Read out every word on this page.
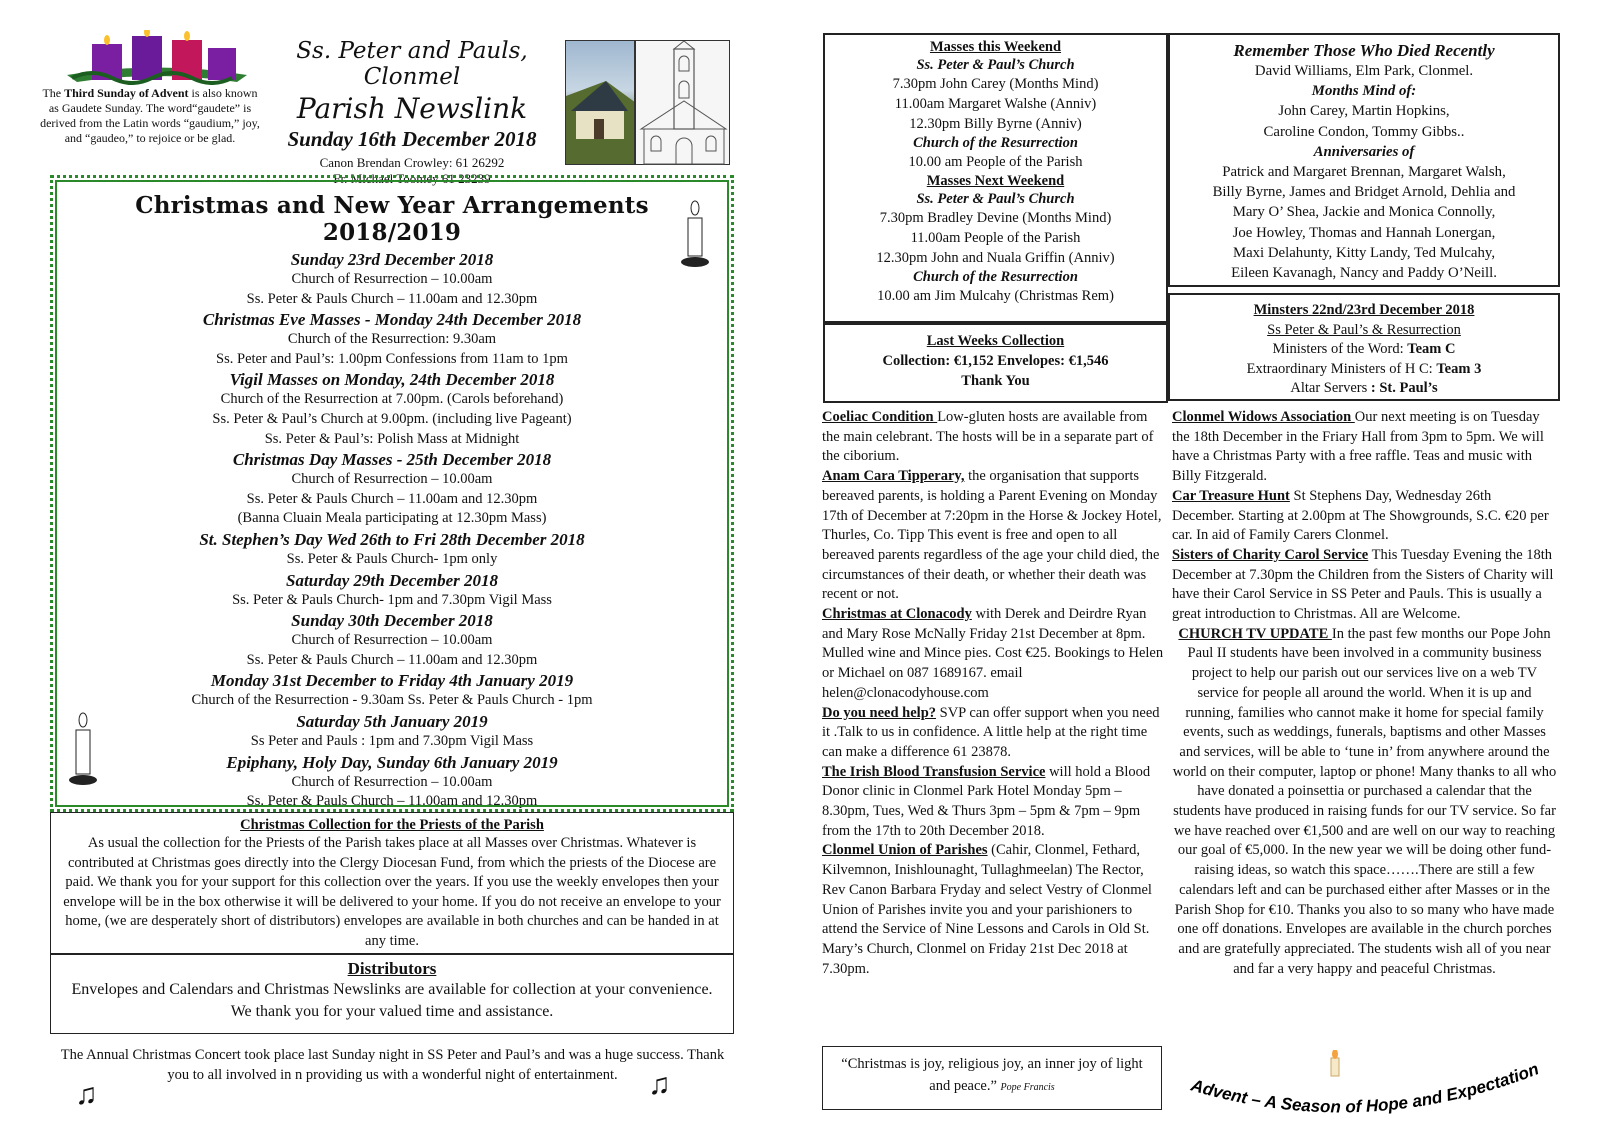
The Third Sunday of Advent is also known as Gaudete Sunday. The word“gaudete” is derived from the Latin words “gaudium,” joy, and “gaudeo,” to rejoice or be glad.
Ss. Peter and Pauls, Clonmel
Parish Newslink
Sunday 16th December 2018
Canon Brendan Crowley: 61 26292
Fr. Michael Toomey 61 23239
Christmas and New Year Arrangements 2018/2019
Sunday 23rd December 2018
Church of Resurrection – 10.00am
Ss. Peter & Pauls Church – 11.00am and 12.30pm
Christmas Eve Masses - Monday 24th December 2018
Church of the Resurrection: 9.30am
Ss. Peter and Paul’s: 1.00pm Confessions from 11am to 1pm
Vigil Masses on Monday, 24th December 2018
Church of the Resurrection at 7.00pm. (Carols beforehand)
Ss. Peter & Paul’s Church at 9.00pm. (including live Pageant)
Ss. Peter & Paul’s: Polish Mass at Midnight
Christmas Day Masses - 25th December 2018
Church of Resurrection – 10.00am
Ss. Peter & Pauls Church – 11.00am and 12.30pm
(Banna Cluain Meala participating at 12.30pm Mass)
St. Stephen’s Day Wed 26th to Fri 28th December 2018
Ss. Peter & Pauls Church- 1pm only
Saturday 29th December 2018
Ss. Peter & Pauls Church- 1pm and 7.30pm Vigil Mass
Sunday 30th December 2018
Church of Resurrection – 10.00am
Ss. Peter & Pauls Church – 11.00am and 12.30pm
Monday 31st December to Friday 4th January 2019
Church of the Resurrection - 9.30am Ss. Peter & Pauls Church - 1pm
Saturday 5th January 2019
Ss Peter and Pauls : 1pm and 7.30pm Vigil Mass
Epiphany, Holy Day, Sunday 6th January 2019
Church of Resurrection – 10.00am
Ss. Peter & Pauls Church – 11.00am and 12.30pm
Christmas Collection for the Priests of the Parish
As usual the collection for the Priests of the Parish takes place at all Masses over Christmas. Whatever is contributed at Christmas goes directly into the Clergy Diocesan Fund, from which the priests of the Diocese are paid. We thank you for your support for this collection over the years. If you use the weekly envelopes then your envelope will be in the box otherwise it will be delivered to your home. If you do not receive an envelope to your home, (we are desperately short of distributors) envelopes are available in both churches and can be handed in at any time.
Distributors
Envelopes and Calendars and Christmas Newslinks are available for collection at your convenience. We thank you for your valued time and assistance.
The Annual Christmas Concert took place last Sunday night in SS Peter and Paul’s and was a huge success. Thank you to all involved in n providing us with a wonderful night of entertainment.
♫	♫
Masses this Weekend
Ss. Peter & Paul’s Church
7.30pm John Carey (Months Mind)
11.00am Margaret Walshe (Anniv)
12.30pm Billy Byrne (Anniv)
Church of the Resurrection
10.00 am People of the Parish
Masses Next Weekend
Ss. Peter & Paul’s Church
7.30pm Bradley Devine (Months Mind)
11.00am People of the Parish
12.30pm John and Nuala Griffin (Anniv)
Church of the Resurrection
10.00 am Jim Mulcahy (Christmas Rem)
Last Weeks Collection
Collection: €1,152 Envelopes: €1,546
Thank You
Remember Those Who Died Recently
David Williams, Elm Park, Clonmel.
Months Mind of:
John Carey, Martin Hopkins,
Caroline Condon, Tommy Gibbs..
Anniversaries of
Patrick and Margaret Brennan, Margaret Walsh,
Billy Byrne, James and Bridget Arnold, Dehlia and
Mary O’ Shea, Jackie and Monica Connolly,
Joe Howley, Thomas and Hannah Lonergan,
Maxi Delahunty, Kitty Landy, Ted Mulcahy,
Eileen Kavanagh, Nancy and Paddy O’Neill.
Minsters 22nd/23rd December 2018
Ss Peter & Paul’s & Resurrection
Ministers of the Word: Team C
Extraordinary Ministers of H C: Team 3
Altar Servers : St. Paul’s
Coeliac Condition Low-gluten hosts are available from the main celebrant. The hosts will be in a separate part of the ciborium.
Anam Cara Tipperary, the organisation that supports bereaved parents, is holding a Parent Evening on Monday 17th of December at 7:20pm in the Horse & Jockey Hotel, Thurles, Co. Tipp This event is free and open to all bereaved parents regardless of the age your child died, the circumstances of their death, or whether their death was recent or not.
Christmas at Clonacody with Derek and Deirdre Ryan and Mary Rose McNally Friday 21st December at 8pm. Mulled wine and Mince pies. Cost €25. Bookings to Helen or Michael on 087 1689167. email helen@clonacodyhouse.com
Do you need help? SVP can offer support when you need it .Talk to us in confidence. A little help at the right time can make a difference 61 23878.
The Irish Blood Transfusion Service will hold a Blood Donor clinic in Clonmel Park Hotel Monday 5pm – 8.30pm, Tues, Wed & Thurs 3pm – 5pm & 7pm – 9pm from the 17th to 20th December 2018.
Clonmel Union of Parishes (Cahir, Clonmel, Fethard, Kilvemnon, Inishlounaght, Tullaghmeelan) The Rector, Rev Canon Barbara Fryday and select Vestry of Clonmel Union of Parishes invite you and your parishioners to attend the Service of Nine Lessons and Carols in Old St. Mary’s Church, Clonmel on Friday 21st Dec 2018 at 7.30pm.
Clonmel Widows Association Our next meeting is on Tuesday the 18th December in the Friary Hall from 3pm to 5pm. We will have a Christmas Party with a free raffle. Teas and music with Billy Fitzgerald.
Car Treasure Hunt St Stephens Day, Wednesday 26th December. Starting at 2.00pm at The Showgrounds, S.C. €20 per car. In aid of Family Carers Clonmel.
Sisters of Charity Carol Service This Tuesday Evening the 18th December at 7.30pm the Children from the Sisters of Charity will have their Carol Service in SS Peter and Pauls. This is usually a great introduction to Christmas. All are Welcome.
CHURCH TV UPDATE In the past few months our Pope John Paul II students have been involved in a community business project to help our parish out our services live on a web TV service for people all around the world. When it is up and running, families who cannot make it home for special family events, such as weddings, funerals, baptisms and other Masses and services, will be able to ‘tune in’ from anywhere around the world on their computer, laptop or phone! Many thanks to all who have donated a poinsettia or purchased a calendar that the students have produced in raising funds for our TV service. So far we have reached over €1,500 and are well on our way to reaching our goal of €5,000. In the new year we will be doing other fund-raising ideas, so watch this space…….There are still a few calendars left and can be purchased either after Masses or in the Parish Shop for €10. Thanks you also to so many who have made one off donations. Envelopes are available in the church porches and are gratefully appreciated. The students wish all of you near and far a very happy and peaceful Christmas.
“Christmas is joy, religious joy, an inner joy of light and peace.” Pope Francis	Advent – A Season of Hope and Expectation
